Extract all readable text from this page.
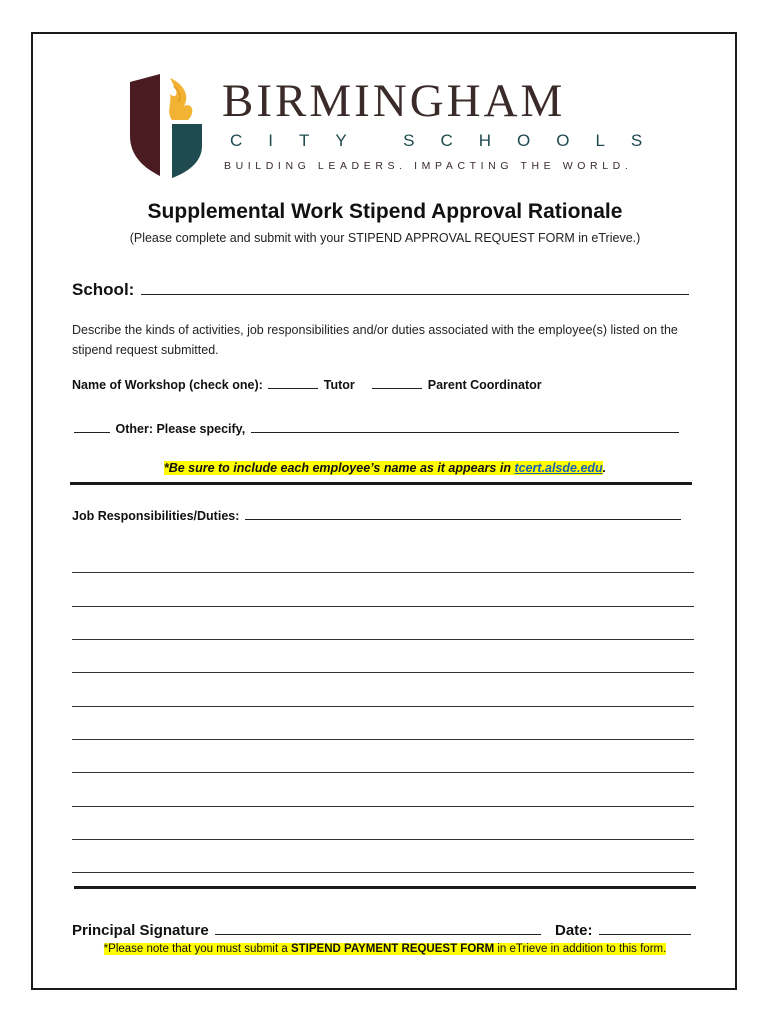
BIRMINGHAM
CITY SCHOOLS
BUILDING LEADERS. IMPACTING THE WORLD.
Supplemental Work Stipend Approval Rationale
(Please complete and submit with your STIPEND APPROVAL REQUEST FORM in eTrieve.)
School:
Describe the kinds of activities, job responsibilities and/or duties associated with the employee(s) listed on the stipend request submitted.
Name of Workshop (check one):	Tutor	Parent Coordinator
Other: Please specify,
*Be sure to include each employee’s name as it appears in tcert.alsde.edu.
Job Responsibilities/Duties:
Principal Signature	Date:
*Please note that you must submit a STIPEND PAYMENT REQUEST FORM in eTrieve in addition to this form.
